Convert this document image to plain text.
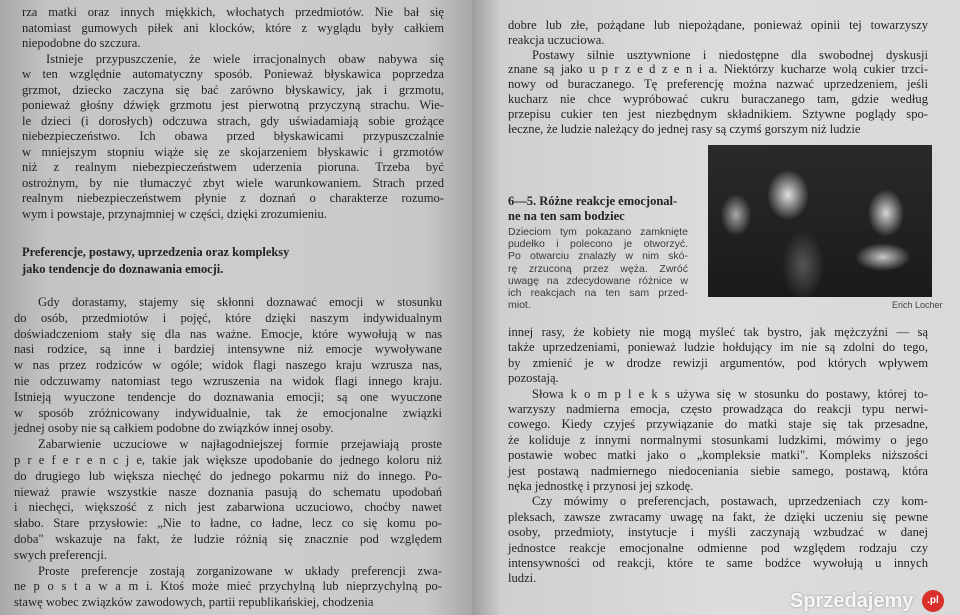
rza matki oraz innych miękkich, włochatych przedmiotów. Nie bał się
natomiast gumowych piłek ani klocków, które z wyglądu były całkiem
niepodobne do szczura.
Istnieje przypuszczenie, że wiele irracjonalnych obaw nabywa się
w ten względnie automatyczny sposób. Ponieważ błyskawica poprzedza
grzmot, dziecko zaczyna się bać zarówno błyskawicy, jak i grzmotu,
ponieważ głośny dźwięk grzmotu jest pierwotną przyczyną strachu. Wie-
le dzieci (i dorosłych) odczuwa strach, gdy uświadamiają sobie grożące
niebezpieczeństwo. Ich obawa przed błyskawicami przypuszczalnie
w mniejszym stopniu wiąże się ze skojarzeniem błyskawic i grzmotów
niż z realnym niebezpieczeństwem uderzenia pioruna. Trzeba być
ostrożnym, by nie tłumaczyć zbyt wiele warunkowaniem. Strach przed
realnym niebezpieczeństwem płynie z doznań o charakterze rozumo-
wym i powstaje, przynajmniej w części, dzięki zrozumieniu.
Preferencje, postawy, uprzedzenia oraz kompleksy
jako tendencje do doznawania emocji.
Gdy dorastamy, stajemy się skłonni doznawać emocji w stosunku
do osób, przedmiotów i pojęć, które dzięki naszym indywidualnym
doświadczeniom stały się dla nas ważne. Emocje, które wywołują w nas
nasi rodzice, są inne i bardziej intensywne niż emocje wywoływane
w nas przez rodziców w ogóle; widok flagi naszego kraju wzrusza nas,
nie odczuwamy natomiast tego wzruszenia na widok flagi innego kraju.
Istnieją wyuczone tendencje do doznawania emocji; są one wyuczone
w sposób zróżnicowany indywidualnie, tak że emocjonalne związki
jednej osoby nie są całkiem podobne do związków innej osoby.
Zabarwienie uczuciowe w najłagodniejszej formie przejawiają proste
p r e f e r e n c j e, takie jak większe upodobanie do jednego koloru niż
do drugiego lub większa niechęć do jednego pokarmu niż do innego. Po-
nieważ prawie wszystkie nasze doznania pasują do schematu upodobań
i niechęci, większość z nich jest zabarwiona uczuciowo, choćby nawet
słabo. Stare przysłowie: „Nie to ładne, co ładne, lecz co się komu po-
doba" wskazuje na fakt, że ludzie różnią się znacznie pod względem
swych preferencji.
Proste preferencje zostają zorganizowane w układy preferencji zwa-
ne p o s t a w a m i. Ktoś może mieć przychylną lub nieprzychylną po-
stawę wobec związków zawodowych, partii republikańskiej, chodzenia
dobre lub złe, pożądane lub niepożądane, ponieważ opinii tej towarzyszy
reakcja uczuciowa.
Postawy silnie usztywnione i niedostępne dla swobodnej dyskusji
znane są jako u p r z e d z e n i a. Niektórzy kucharze wolą cukier trzci-
nowy od buraczanego. Tę preferencję można nazwać uprzedzeniem, jeśli
kucharz nie chce wypróbować cukru buraczanego tam, gdzie według
przepisu cukier ten jest niezbędnym składnikiem. Sztywne poglądy spo-
łeczne, że ludzie należący do jednej rasy są czymś gorszym niż ludzie
6—5. Różne reakcje emocjonal-
ne na ten sam bodziec
Dzieciom tym pokazano zamknięte
pudełko i polecono je otworzyć.
Po otwarciu znalazły w nim skó-
rę zrzuconą przez węża. Zwróć
uwagę na zdecydowane różnice w
ich reakcjach na ten sam przed-
miot.	Erich Locher
innej rasy, że kobiety nie mogą myśleć tak bystro, jak mężczyźni — są
także uprzedzeniami, ponieważ ludzie hołdujący im nie są zdolni do tego,
by zmienić je w drodze rewizji argumentów, pod których wpływem
pozostają.
Słowa k o m p l e k s używa się w stosunku do postawy, której to-
warzyszy nadmierna emocja, często prowadząca do reakcji typu nerwi-
cowego. Kiedy czyjeś przywiązanie do matki staje się tak przesadne,
że koliduje z innymi normalnymi stosunkami ludzkimi, mówimy o jego
postawie wobec matki jako o „kompleksie matki". Kompleks niższości
jest postawą nadmiernego niedoceniania siebie samego, postawą, która
nęka jednostkę i przynosi jej szkodę.
Czy mówimy o preferencjach, postawach, uprzedzeniach czy kom-
pleksach, zawsze zwracamy uwagę na fakt, że dzięki uczeniu się pewne
osoby, przedmioty, instytucje i myśli zaczynają wzbudzać w danej
jednostce reakcje emocjonalne odmienne pod względem rodzaju czy
intensywności od reakcji, które te same bodźce wywołują u innych
ludzi.
Sprzedajemy	.pl
